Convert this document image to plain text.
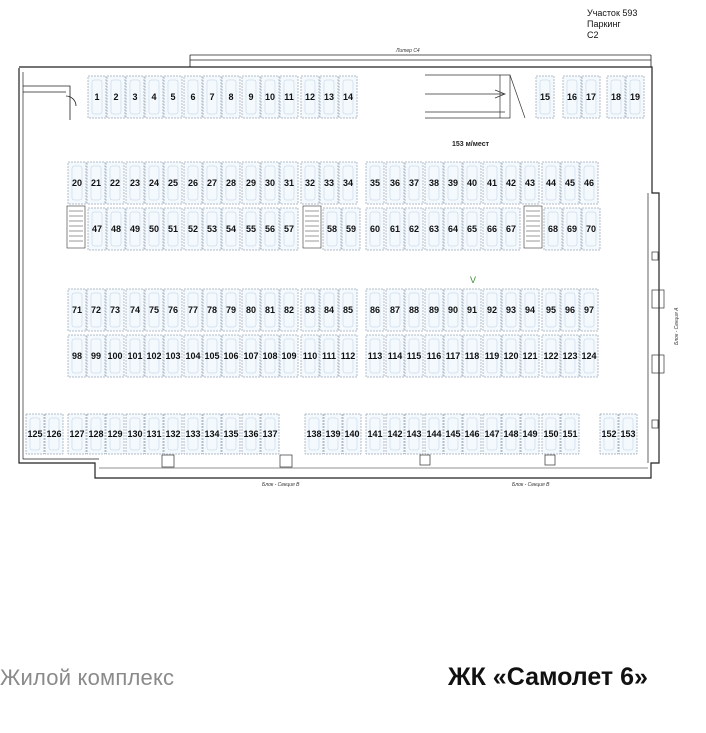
Участок 593
Паркинг
С2
1 2 3 4 5 6 7 8 9 10 11 12 13 14	15 16 17 18 19
20 21 22 23 24 25 26 27 28 29 30 31 32 33 34 35 36 37 38 39 40 41 42 43 44 45 46
47 48 49 50 51 52 53 54 55 56 57	58 59 60 61 62 63 64 65 66 67	68 69 70
71 72 73 74 75 76 77 78 79 80 81 82 83 84 85 86 87 88 89 90 91 92 93 94 95 96 97
98 99 100 101 102 103 104 105 106 107 108 109 110 111 112 113 114 115 116 117 118 119 120 121 122 123 124
125 126 127 128 129 130 131 132 133 134 135 136 137	138 139 140 141 142 143 144 145 146 147 148 149 150 151	152 153
Литер С4
153 м/мест
Блок - Секция В	Блок - Секция В
Блок - Секция А
V
Жилой комплекс	ЖК «Самолет 6»
